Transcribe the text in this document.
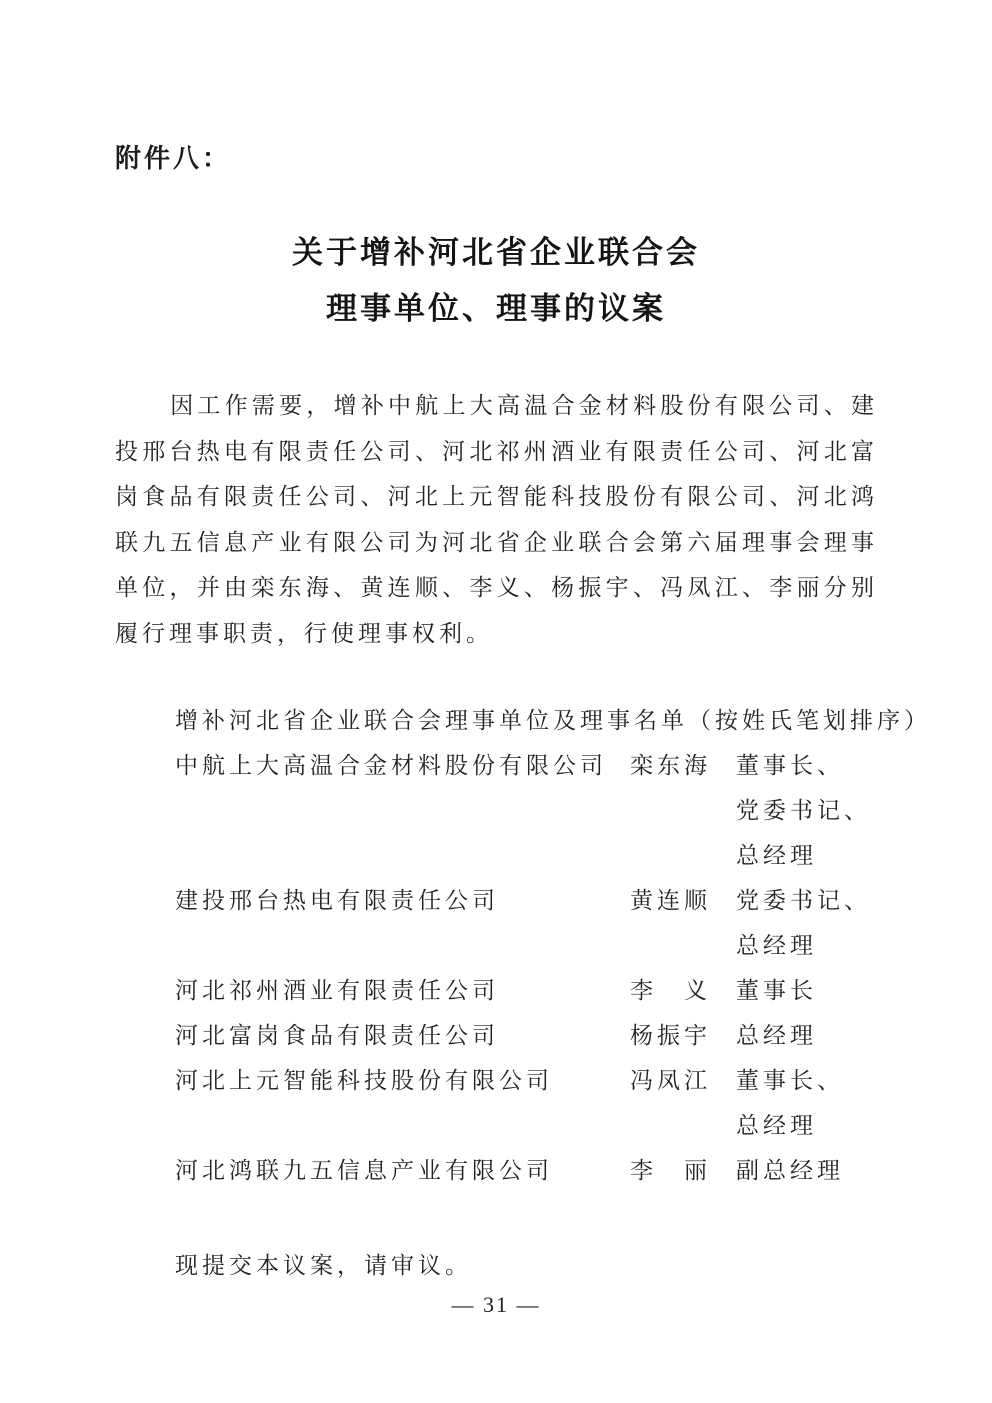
附件八：
关于增补河北省企业联合会
理事单位、理事的议案

因工作需要，增补中航上大高温合金材料股份有限公司、建投邢台热电有限责任公司、河北祁州酒业有限责任公司、河北富岗食品有限责任公司、河北上元智能科技股份有限公司、河北鸿联九五信息产业有限公司为河北省企业联合会第六届理事会理事单位，并由栾东海、黄连顺、李义、杨振宇、冯凤江、李丽分别履行理事职责，行使理事权利。

增补河北省企业联合会理事单位及理事名单（按姓氏笔划排序）
中航上大高温合金材料股份有限公司	栾东海	董事长、
党委书记、
总经理
建投邢台热电有限责任公司	黄连顺	党委书记、
总经理
河北祁州酒业有限责任公司	李　义	董事长
河北富岗食品有限责任公司	杨振宇	总经理
河北上元智能科技股份有限公司	冯凤江	董事长、
总经理
河北鸿联九五信息产业有限公司	李　丽	副总经理

现提交本议案，请审议。

— 31 —
